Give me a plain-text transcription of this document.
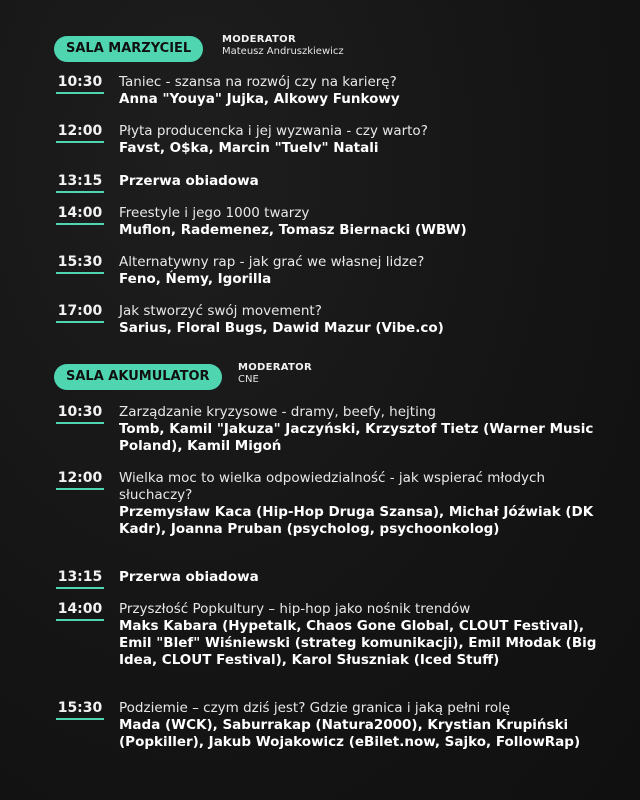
SALA MARZYCIEL
MODERATOR
Mateusz Andruszkiewicz
10:30 Taniec - szansa na rozwój czy na karierę?
Anna "Youya" Jujka, Alkowy Funkowy
12:00 Płyta producencka i jej wyzwania - czy warto?
Favst, O$ka, Marcin "Tuelv" Natali
13:15 Przerwa obiadowa
14:00 Freestyle i jego 1000 twarzy
Muflon, Rademenez, Tomasz Biernacki (WBW)
15:30 Alternatywny rap - jak grać we własnej lidze?
Feno, Ńemy, Igorilla
17:00 Jak stworzyć swój movement?
Sarius, Floral Bugs, Dawid Mazur (Vibe.co)
SALA AKUMULATOR
MODERATOR
CNE
10:30 Zarządzanie kryzysowe - dramy, beefy, hejting
Tomb, Kamil "Jakuza" Jaczyński, Krzysztof Tietz (Warner Music Poland), Kamil Migoń
12:00 Wielka moc to wielka odpowiedzialność - jak wspierać młodych słuchaczy?
Przemysław Kaca (Hip-Hop Druga Szansa), Michał Jóźwiak (DK Kadr), Joanna Pruban (psycholog, psychoonkolog)
13:15 Przerwa obiadowa
14:00 Przyszłość Popkultury – hip-hop jako nośnik trendów
Maks Kabara (Hypetalk, Chaos Gone Global, CLOUT Festival), Emil "Blef" Wiśniewski (strateg komunikacji), Emil Młodak (Big Idea, CLOUT Festival), Karol Słuszniak (Iced Stuff)
15:30 Podziemie – czym dziś jest? Gdzie granica i jaką pełni rolę
Mada (WCK), Saburrakap (Natura2000), Krystian Krupiński (Popkiller), Jakub Wojakowicz (eBilet.now, Sajko, FollowRap)
